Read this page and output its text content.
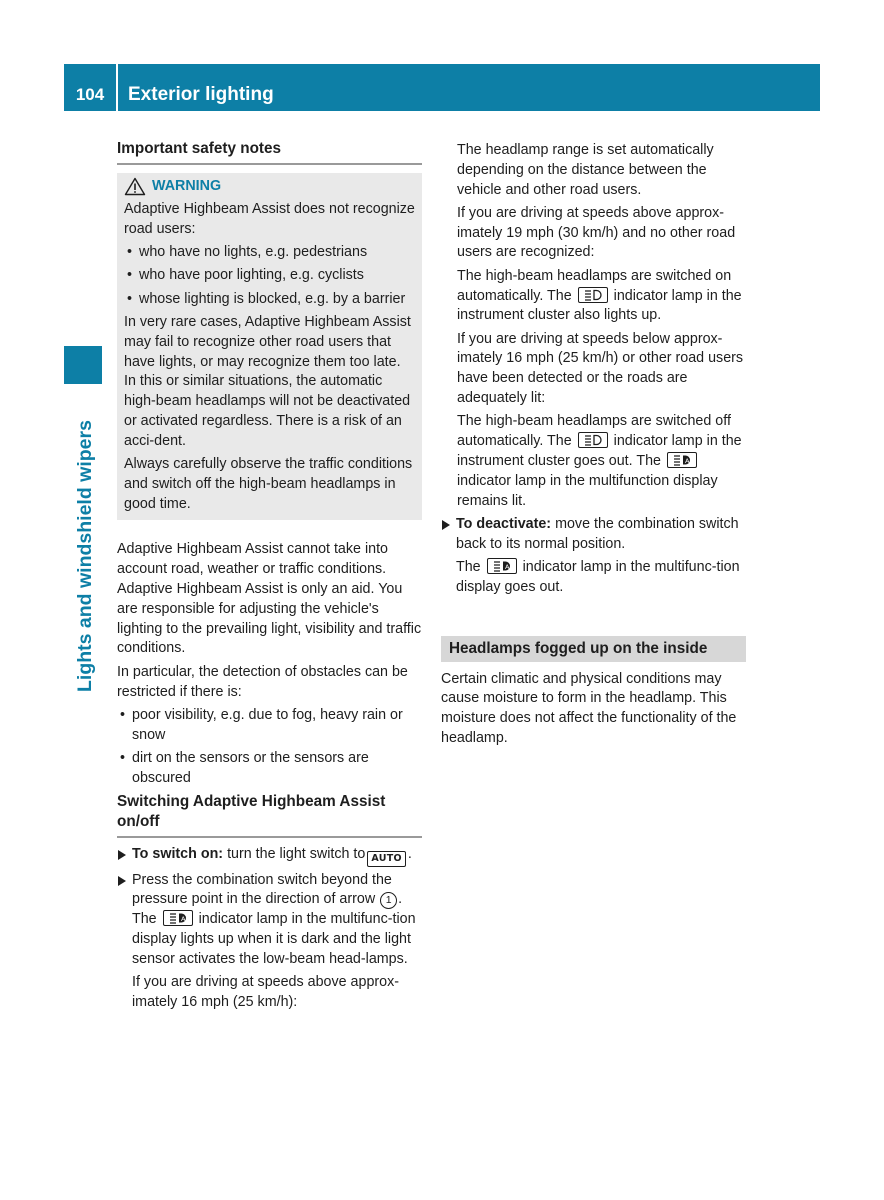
104	Exterior lighting
Lights and windshield wipers
Important safety notes
WARNING

Adaptive Highbeam Assist does not recognize road users:

• who have no lights, e.g. pedestrians
• who have poor lighting, e.g. cyclists
• whose lighting is blocked, e.g. by a barrier

In very rare cases, Adaptive Highbeam Assist may fail to recognize other road users that have lights, or may recognize them too late. In this or similar situations, the automatic high-beam headlamps will not be deactivated or activated regardless. There is a risk of an acci-dent.

Always carefully observe the traffic conditions and switch off the high-beam headlamps in good time.

Adaptive Highbeam Assist cannot take into account road, weather or traffic conditions. Adaptive Highbeam Assist is only an aid. You are responsible for adjusting the vehicle's lighting to the prevailing light, visibility and traffic conditions.

In particular, the detection of obstacles can be restricted if there is:

• poor visibility, e.g. due to fog, heavy rain or snow
• dirt on the sensors or the sensors are obscured
Switching Adaptive Highbeam Assist on/off
To switch on: turn the light switch to AUTO .
Press the combination switch beyond the pressure point in the direction of arrow 1 . The	A indicator lamp in the multifunc-tion display lights up when it is dark and the light sensor activates the low-beam head-lamps.

If you are driving at speeds above approx-imately 16 mph (25 km/h):

The headlamp range is set automatically depending on the distance between the vehicle and other road users.

If you are driving at speeds above approx-imately 19 mph (30 km/h) and no other road users are recognized:

The high-beam headlamps are switched on automatically. The	indicator lamp in the instrument cluster also lights up.

If you are driving at speeds below approx-imately 16 mph (25 km/h) or other road users have been detected or the roads are adequately lit:

The high-beam headlamps are switched off automatically. The	indicator lamp in the instrument cluster goes out. The	A
indicator lamp in the multifunction display remains lit.

To deactivate: move the combination switch back to its normal position.

The	A indicator lamp in the multifunc-tion display goes out.

Headlamps fogged up on the inside

Certain climatic and physical conditions may cause moisture to form in the headlamp. This moisture does not affect the functionality of the headlamp.
